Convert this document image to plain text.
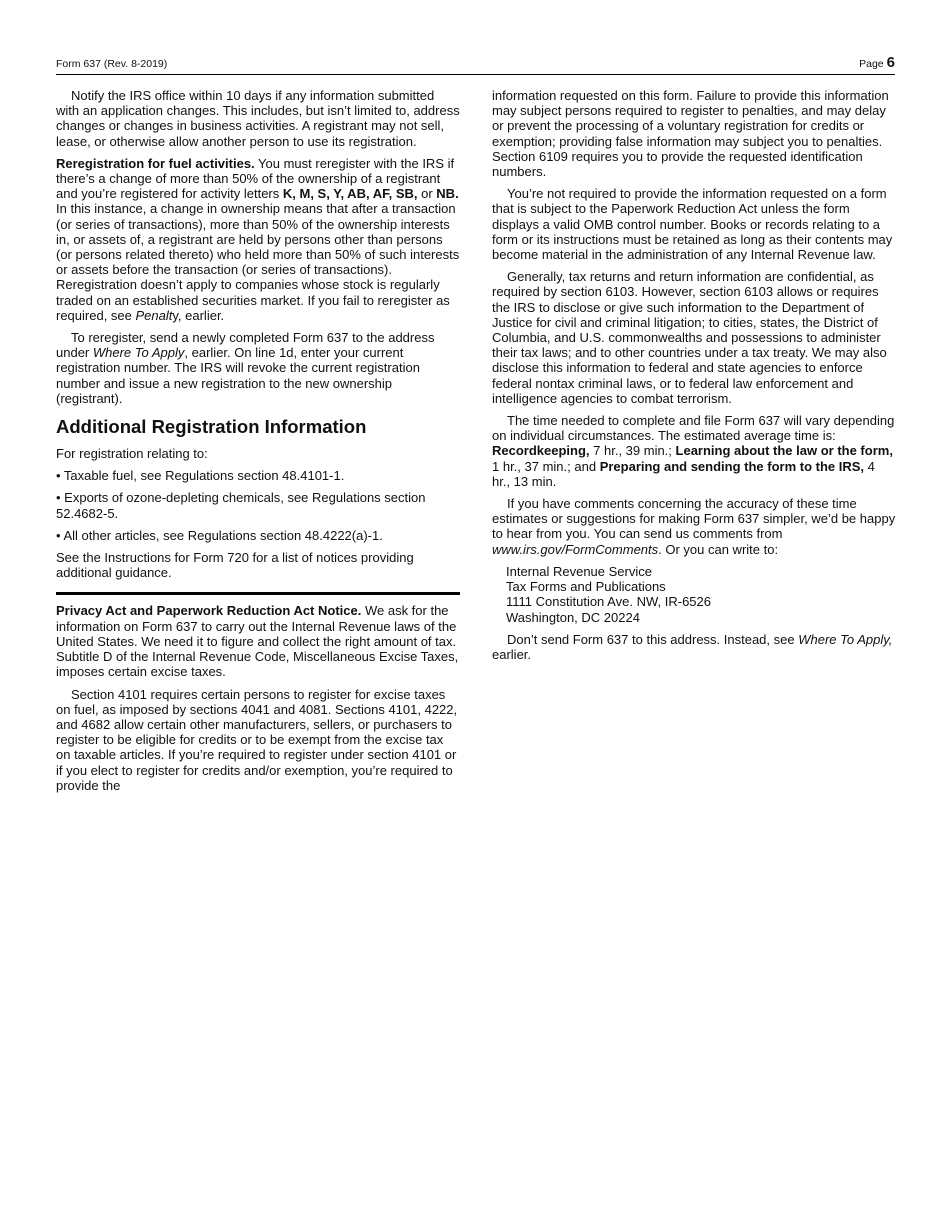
Form 637 (Rev. 8-2019)	Page 6

Notify the IRS office within 10 days if any information submitted with an application changes. This includes, but isn’t limited to, address changes or changes in business activities. A registrant may not sell, lease, or otherwise allow another person to use its registration.

Reregistration for fuel activities. You must reregister with the IRS if there’s a change of more than 50% of the ownership of a registrant and you’re registered for activity letters K, M, S, Y, AB, AF, SB, or NB. In this instance, a change in ownership means that after a transaction (or series of transactions), more than 50% of the ownership interests in, or assets of, a registrant are held by persons other than persons (or persons related thereto) who held more than 50% of such interests or assets before the transaction (or series of transactions). Reregistration doesn’t apply to companies whose stock is regularly traded on an established securities market. If you fail to reregister as required, see Penalty, earlier.

To reregister, send a newly completed Form 637 to the address under Where To Apply, earlier. On line 1d, enter your current registration number. The IRS will revoke the current registration number and issue a new registration to the new ownership (registrant).

Additional Registration Information

For registration relating to:

• Taxable fuel, see Regulations section 48.4101-1.

• Exports of ozone-depleting chemicals, see Regulations section 52.4682-5.

• All other articles, see Regulations section 48.4222(a)-1.

See the Instructions for Form 720 for a list of notices providing additional guidance.

Privacy Act and Paperwork Reduction Act Notice. We ask for the information on Form 637 to carry out the Internal Revenue laws of the United States. We need it to figure and collect the right amount of tax. Subtitle D of the Internal Revenue Code, Miscellaneous Excise Taxes, imposes certain excise taxes.

Section 4101 requires certain persons to register for excise taxes on fuel, as imposed by sections 4041 and 4081. Sections 4101, 4222, and 4682 allow certain other manufacturers, sellers, or purchasers to register to be eligible for credits or to be exempt from the excise tax on taxable articles. If you’re required to register under section 4101 or if you elect to register for credits and/or exemption, you’re required to provide the

information requested on this form. Failure to provide this information may subject persons required to register to penalties, and may delay or prevent the processing of a voluntary registration for credits or exemption; providing false information may subject you to penalties. Section 6109 requires you to provide the requested identification numbers.

You’re not required to provide the information requested on a form that is subject to the Paperwork Reduction Act unless the form displays a valid OMB control number. Books or records relating to a form or its instructions must be retained as long as their contents may become material in the administration of any Internal Revenue law.

Generally, tax returns and return information are confidential, as required by section 6103. However, section 6103 allows or requires the IRS to disclose or give such information to the Department of Justice for civil and criminal litigation; to cities, states, the District of Columbia, and U.S. commonwealths and possessions to administer their tax laws; and to other countries under a tax treaty. We may also disclose this information to federal and state agencies to enforce federal nontax criminal laws, or to federal law enforcement and intelligence agencies to combat terrorism.

The time needed to complete and file Form 637 will vary depending on individual circumstances. The estimated average time is: Recordkeeping, 7 hr., 39 min.; Learning about the law or the form, 1 hr., 37 min.; and Preparing and sending the form to the IRS, 4 hr., 13 min.

If you have comments concerning the accuracy of these time estimates or suggestions for making Form 637 simpler, we’d be happy to hear from you. You can send us comments from www.irs.gov/FormComments. Or you can write to:

Internal Revenue Service
Tax Forms and Publications
1111 Constitution Ave. NW, IR-6526
Washington, DC 20224

Don’t send Form 637 to this address. Instead, see Where To Apply, earlier.
